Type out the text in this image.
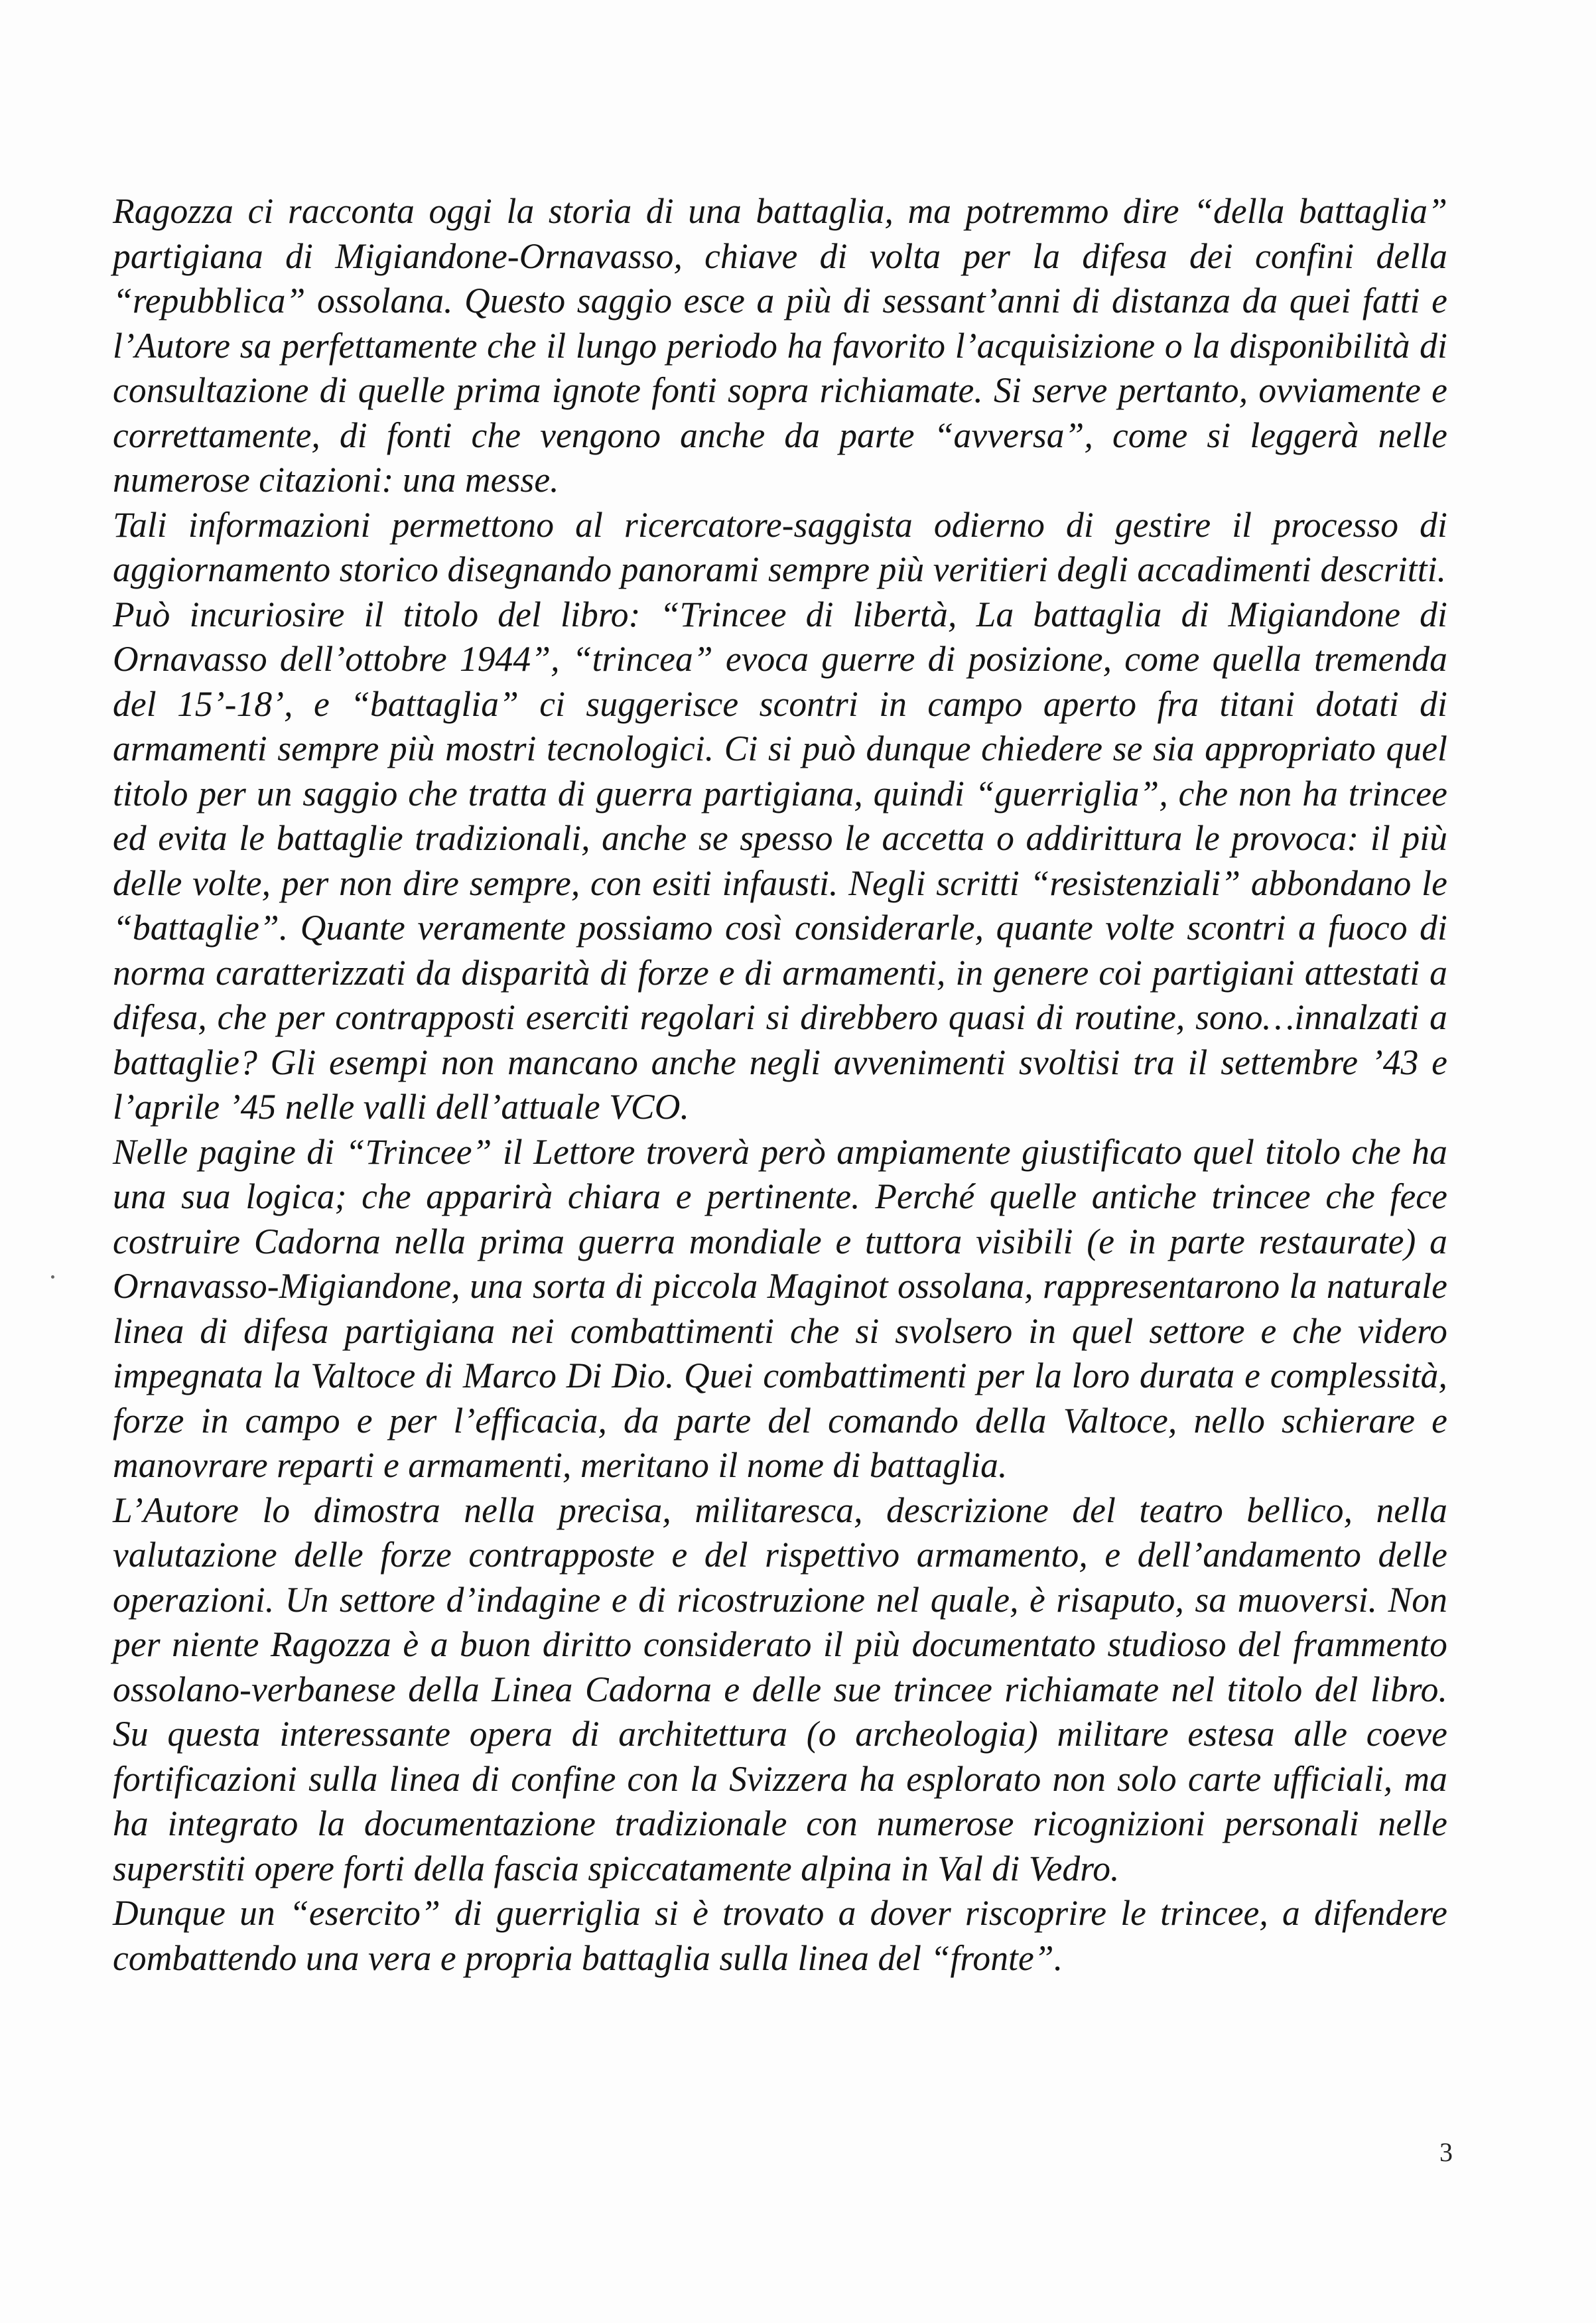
Ragozza ci racconta oggi la storia di una battaglia, ma potremmo dire “della battaglia” partigiana di Migiandone-Ornavasso, chiave di volta per la difesa dei confini della “repubblica” ossolana. Questo saggio esce a più di sessant’anni di distanza da quei fatti e l’Autore sa perfettamente che il lungo periodo ha favorito l’acquisizione o la disponibilità di consultazione di quelle prima ignote fonti sopra richiamate. Si serve pertanto, ovviamente e correttamente, di fonti che vengono anche da parte “avversa”, come si leggerà nelle numerose citazioni: una messe.

Tali informazioni permettono al ricercatore-saggista odierno di gestire il processo di aggiornamento storico disegnando panorami sempre più veritieri degli accadimenti descritti.

Può incuriosire il titolo del libro: “Trincee di libertà, La battaglia di Migiandone di Ornavasso dell’ottobre 1944”, “trincea” evoca guerre di posizione, come quella tremenda del 15’-18’, e “battaglia” ci suggerisce scontri in campo aperto fra titani dotati di armamenti sempre più mostri tecnologici. Ci si può dunque chiedere se sia appropriato quel titolo per un saggio che tratta di guerra partigiana, quindi “guerriglia”, che non ha trincee ed evita le battaglie tradizionali, anche se spesso le accetta o addirittura le provoca: il più delle volte, per non dire sempre, con esiti infausti. Negli scritti “resistenziali” abbondano le “battaglie”. Quante veramente possiamo così considerarle, quante volte scontri a fuoco di norma caratterizzati da disparità di forze e di armamenti, in genere coi partigiani attestati a difesa, che per contrapposti eserciti regolari si direbbero quasi di routine, sono…innalzati a battaglie? Gli esempi non mancano anche negli avvenimenti svoltisi tra il settembre ’43 e l’aprile ’45 nelle valli dell’attuale VCO.

Nelle pagine di “Trincee” il Lettore troverà però ampiamente giustificato quel titolo che ha una sua logica; che apparirà chiara e pertinente. Perché quelle antiche trincee che fece costruire Cadorna nella prima guerra mondiale e tuttora visibili (e in parte restaurate) a Ornavasso-Migiandone, una sorta di piccola Maginot ossolana, rappresentarono la naturale linea di difesa partigiana nei combattimenti che si svolsero in quel settore e che videro impegnata la Valtoce di Marco Di Dio. Quei combattimenti per la loro durata e complessità, forze in campo e per l’efficacia, da parte del comando della Valtoce, nello schierare e manovrare reparti e armamenti, meritano il nome di battaglia.

L’Autore lo dimostra nella precisa, militaresca, descrizione del teatro bellico, nella valutazione delle forze contrapposte e del rispettivo armamento, e dell’andamento delle operazioni. Un settore d’indagine e di ricostruzione nel quale, è risaputo, sa muoversi. Non per niente Ragozza è a buon diritto considerato il più documentato studioso del frammento ossolano-verbanese della Linea Cadorna e delle sue trincee richiamate nel titolo del libro. Su questa interessante opera di architettura (o archeologia) militare estesa alle coeve fortificazioni sulla linea di confine con la Svizzera ha esplorato non solo carte ufficiali, ma ha integrato la documentazione tradizionale con numerose ricognizioni personali nelle superstiti opere forti della fascia spiccatamente alpina in Val di Vedro.

Dunque un “esercito” di guerriglia si è trovato a dover riscoprire le trincee, a difendere combattendo una vera e propria battaglia sulla linea del “fronte”.

3
